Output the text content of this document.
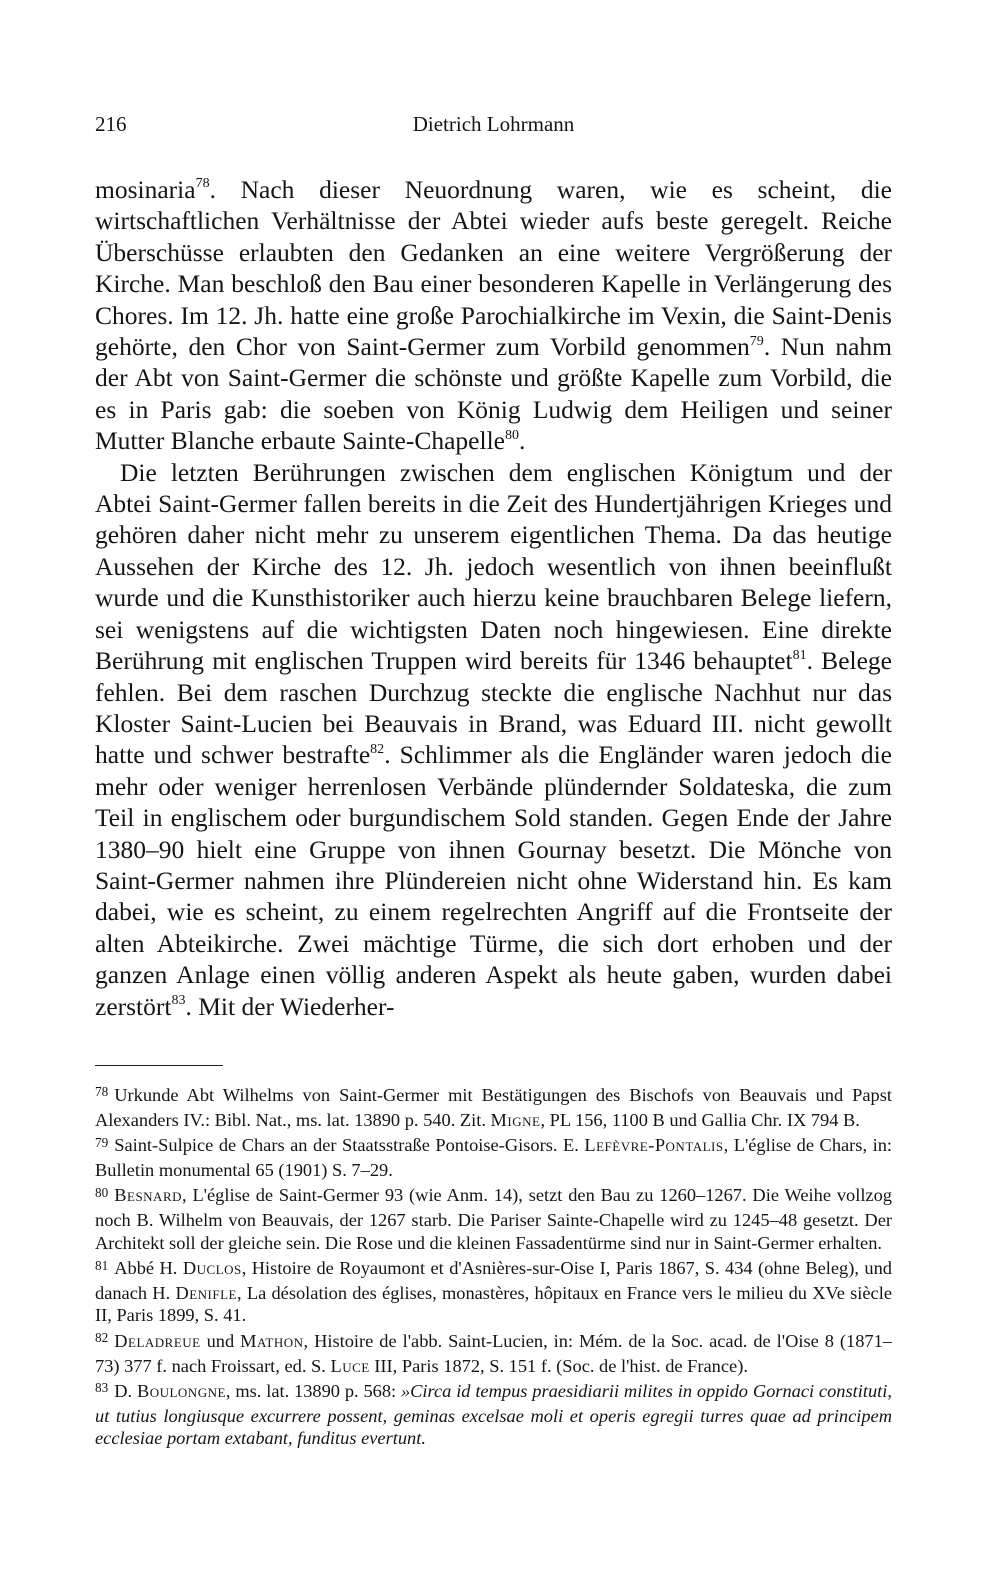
216	Dietrich Lohrmann

mosinaria$^{78}$. Nach dieser Neuordnung waren, wie es scheint, die wirtschaftlichen Verhältnisse der Abtei wieder aufs beste geregelt. Reiche Überschüsse erlaubten den Gedanken an eine weitere Vergrößerung der Kirche. Man beschloß den Bau einer besonderen Kapelle in Verlängerung des Chores. Im 12. Jh. hatte eine große Parochialkirche im Vexin, die Saint-Denis gehörte, den Chor von Saint-Germer zum Vorbild genommen$^{79}$. Nun nahm der Abt von Saint-Germer die schönste und größte Kapelle zum Vorbild, die es in Paris gab: die soeben von König Ludwig dem Heiligen und seiner Mutter Blanche erbaute Sainte-Chapelle$^{80}$.

Die letzten Berührungen zwischen dem englischen Königtum und der Abtei Saint-Germer fallen bereits in die Zeit des Hundertjährigen Krieges und gehören daher nicht mehr zu unserem eigentlichen Thema. Da das heutige Aussehen der Kirche des 12. Jh. jedoch wesentlich von ihnen beeinflußt wurde und die Kunsthistoriker auch hierzu keine brauchbaren Belege liefern, sei wenigstens auf die wichtigsten Daten noch hingewiesen. Eine direkte Berührung mit englischen Truppen wird bereits für 1346 behauptet$^{81}$. Belege fehlen. Bei dem raschen Durchzug steckte die englische Nachhut nur das Kloster Saint-Lucien bei Beauvais in Brand, was Eduard III. nicht gewollt hatte und schwer bestrafte$^{82}$. Schlimmer als die Engländer waren jedoch die mehr oder weniger herrenlosen Verbände plündernder Soldateska, die zum Teil in englischem oder burgundischem Sold standen. Gegen Ende der Jahre 1380–90 hielt eine Gruppe von ihnen Gournay besetzt. Die Mönche von Saint-Germer nahmen ihre Plündereien nicht ohne Widerstand hin. Es kam dabei, wie es scheint, zu einem regelrechten Angriff auf die Frontseite der alten Abteikirche. Zwei mächtige Türme, die sich dort erhoben und der ganzen Anlage einen völlig anderen Aspekt als heute gaben, wurden dabei zerstört$^{83}$. Mit der Wiederher-

$^{78}$ Urkunde Abt Wilhelms von Saint-Germer mit Bestätigungen des Bischofs von Beauvais und Papst Alexanders IV.: Bibl. Nat., ms. lat. 13890 p. 540. Zit. Migne, PL 156, 1100 B und Gallia Chr. IX 794 B.
$^{79}$ Saint-Sulpice de Chars an der Staatsstraße Pontoise-Gisors. E. Lefèvre-Pontalis, L'église de Chars, in: Bulletin monumental 65 (1901) S. 7–29.
$^{80}$ Besnard, L'église de Saint-Germer 93 (wie Anm. 14), setzt den Bau zu 1260–1267. Die Weihe vollzog noch B. Wilhelm von Beauvais, der 1267 starb. Die Pariser Sainte-Chapelle wird zu 1245–48 gesetzt. Der Architekt soll der gleiche sein. Die Rose und die kleinen Fassadentürme sind nur in Saint-Germer erhalten.
$^{81}$ Abbé H. Duclos, Histoire de Royaumont et d'Asnières-sur-Oise I, Paris 1867, S. 434 (ohne Beleg), und danach H. Denifle, La désolation des églises, monastères, hôpitaux en France vers le milieu du XVe siècle II, Paris 1899, S. 41.
$^{82}$ Deladreue und Mathon, Histoire de l'abb. Saint-Lucien, in: Mém. de la Soc. acad. de l'Oise 8 (1871–73) 377 f. nach Froissart, ed. S. Luce III, Paris 1872, S. 151 f. (Soc. de l'hist. de France).
$^{83}$ D. Boulongne, ms. lat. 13890 p. 568: »Circa id tempus praesidiarii milites in oppido Gornaci constituti, ut tutius longiusque excurrere possent, geminas excelsae moli et operis egregii turres quae ad principem ecclesiae portam extabant, funditus evertunt.
